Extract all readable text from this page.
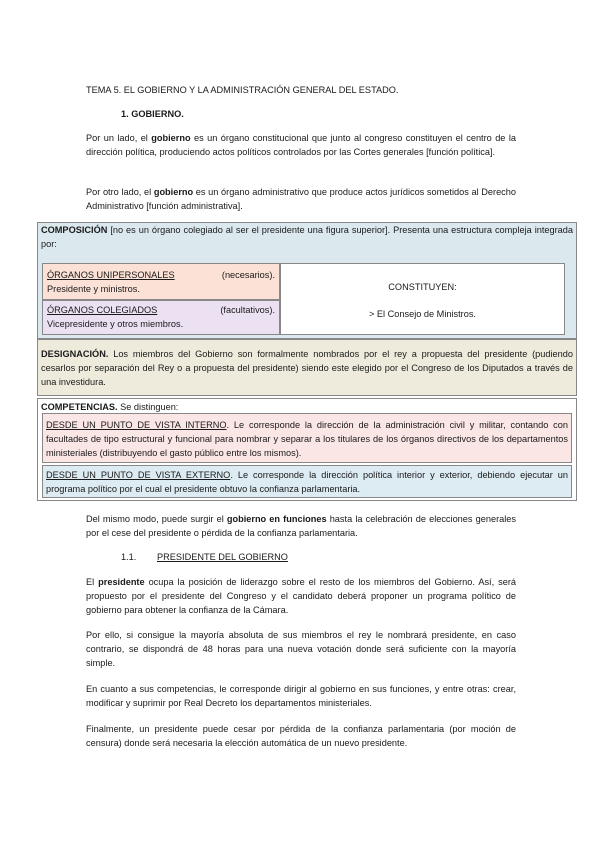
TEMA 5. EL GOBIERNO Y LA ADMINISTRACIÓN GENERAL DEL ESTADO.
1. GOBIERNO.
Por un lado, el gobierno es un órgano constitucional que junto al congreso constituyen el centro de la dirección política, produciendo actos políticos controlados por las Cortes generales [función política].
Por otro lado, el gobierno es un órgano administrativo que produce actos jurídicos sometidos al Derecho Administrativo [función administrativa].
COMPOSICIÓN [no es un órgano colegiado al ser el presidente una figura superior]. Presenta una estructura compleja integrada por:
ÓRGANOS UNIPERSONALES	(necesarios).
Presidente y ministros.
ÓRGANOS COLEGIADOS	(facultativos).
Vicepresidente y otros miembros.
CONSTITUYEN:
> El Consejo de Ministros.
DESIGNACIÓN. Los miembros del Gobierno son formalmente nombrados por el rey a propuesta del presidente (pudiendo cesarlos por separación del Rey o a propuesta del presidente) siendo este elegido por el Congreso de los Diputados a través de una investidura.
COMPETENCIAS. Se distinguen:
DESDE UN PUNTO DE VISTA INTERNO. Le corresponde la dirección de la administración civil y militar, contando con facultades de tipo estructural y funcional para nombrar y separar a los titulares de los órganos directivos de los departamentos ministeriales (distribuyendo el gasto público entre los mismos).
DESDE UN PUNTO DE VISTA EXTERNO. Le corresponde la dirección política interior y exterior, debiendo ejecutar un programa político por el cual el presidente obtuvo la confianza parlamentaria.
Del mismo modo, puede surgir el gobierno en funciones hasta la celebración de elecciones generales por el cese del presidente o pérdida de la confianza parlamentaria.
1.1. PRESIDENTE DEL GOBIERNO
El presidente ocupa la posición de liderazgo sobre el resto de los miembros del Gobierno. Así, será propuesto por el presidente del Congreso y el candidato deberá proponer un programa político de gobierno para obtener la confianza de la Cámara.
Por ello, si consigue la mayoría absoluta de sus miembros el rey le nombrará presidente, en caso contrario, se dispondrá de 48 horas para una nueva votación donde será suficiente con la mayoría simple.
En cuanto a sus competencias, le corresponde dirigir al gobierno en sus funciones, y entre otras: crear, modificar y suprimir por Real Decreto los departamentos ministeriales.
Finalmente, un presidente puede cesar por pérdida de la confianza parlamentaria (por moción de censura) donde será necesaria la elección automática de un nuevo presidente.
